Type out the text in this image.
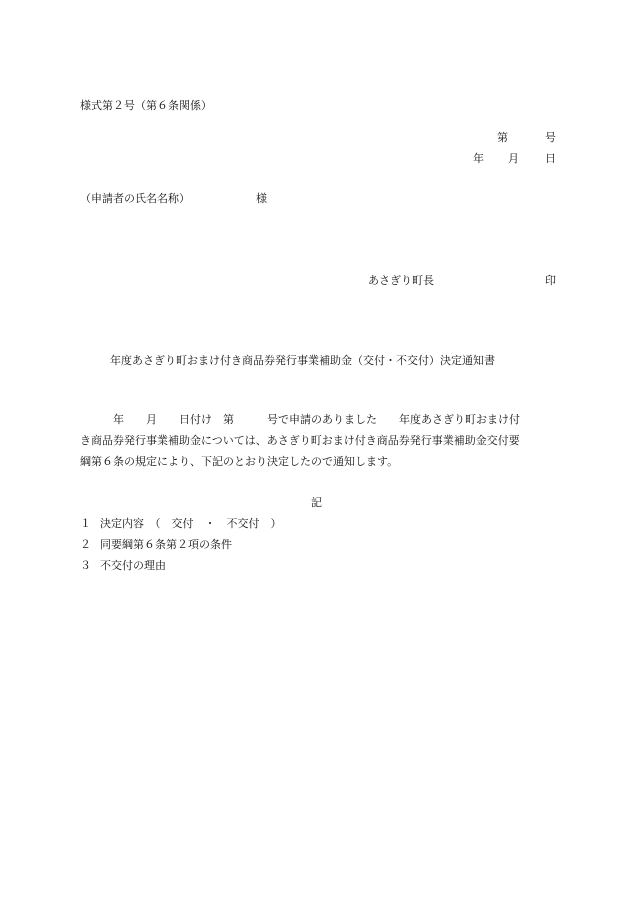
様式第２号（第６条関係）
第	号
年 月 日
（申請者の氏名名称）	様
あさぎり町長	印
年度あさぎり町おまけ付き商品券発行事業補助金（交付・不交付）決定通知書
年　　月　　日付け　第　　　号で申請のありました　　年度あさぎり町おまけ付
き商品券発行事業補助金については、あさぎり町おまけ付き商品券発行事業補助金交付要
綱第６条の規定により、下記のとおり決定したので通知します。
記
１ 決定内容　（　交付　・　不交付　）
２ 同要綱第６条第２項の条件
３ 不交付の理由
